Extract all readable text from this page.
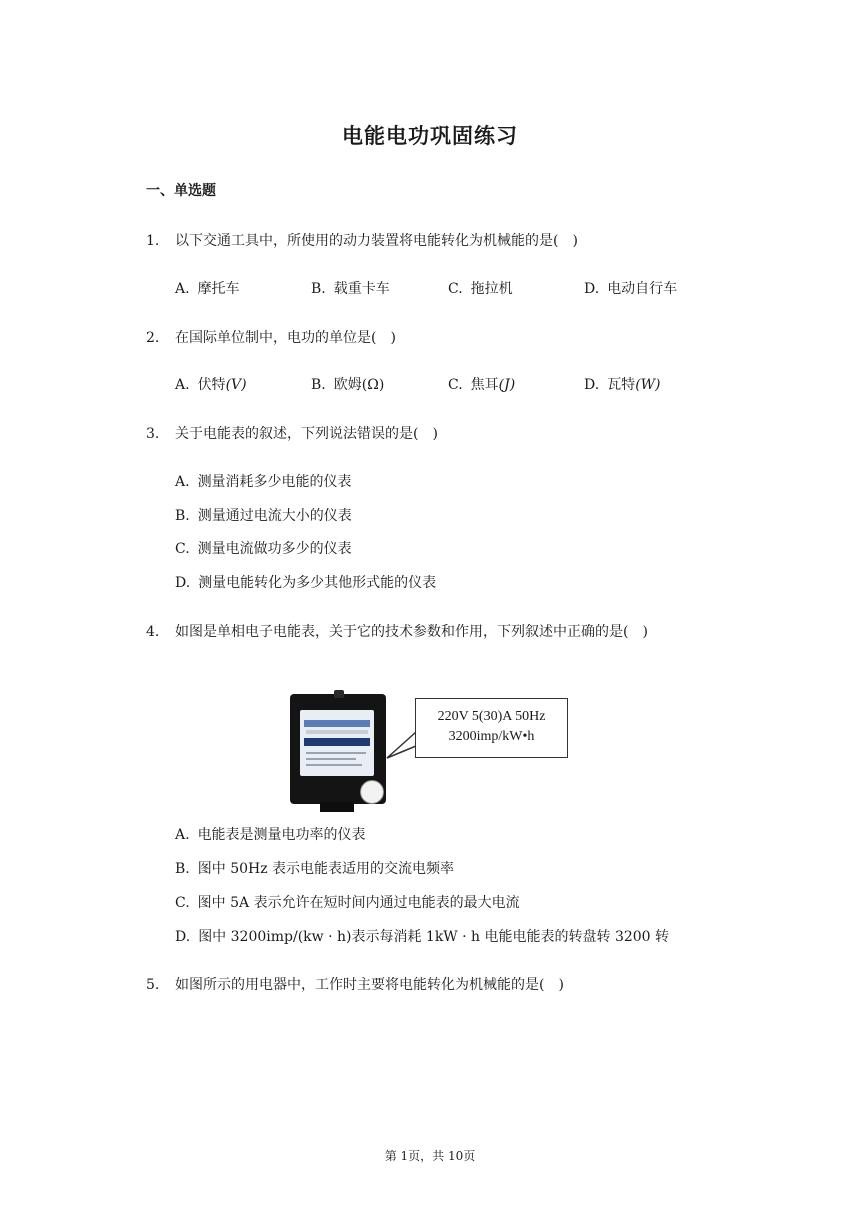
电能电功巩固练习
一、单选题
1. 以下交通工具中，所使用的动力装置将电能转化为机械能的是(　)
A. 摩托车	B. 载重卡车	C. 拖拉机	D. 电动自行车
2. 在国际单位制中，电功的单位是(　)
A. 伏特(V)	B. 欧姆(Ω)	C. 焦耳(J)	D. 瓦特(W)
3. 关于电能表的叙述，下列说法错误的是(　)
A. 测量消耗多少电能的仪表
B. 测量通过电流大小的仪表
C. 测量电流做功多少的仪表
D. 测量电能转化为多少其他形式能的仪表
4. 如图是单相电子电能表，关于它的技术参数和作用，下列叙述中正确的是(　)
220V 5(30)A 50Hz
3200imp/kW•h
A. 电能表是测量电功率的仪表
B. 图中 50Hz 表示电能表适用的交流电频率
C. 图中 5A 表示允许在短时间内通过电能表的最大电流
D. 图中 3200imp/(kw · h)表示每消耗 1kW · h 电能电能表的转盘转 3200 转
5. 如图所示的用电器中，工作时主要将电能转化为机械能的是(　)
第 1页，共 10页
